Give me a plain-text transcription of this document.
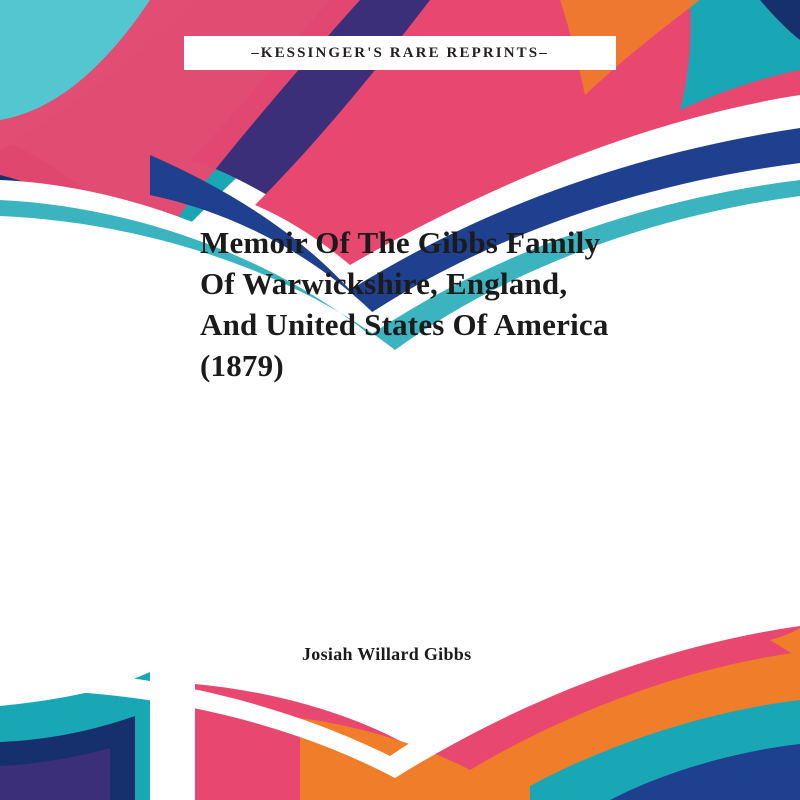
–KESSINGER'S RARE REPRINTS–
Memoir Of The Gibbs Family
Of Warwickshire, England,
And United States Of America
(1879)
Josiah Willard Gibbs
